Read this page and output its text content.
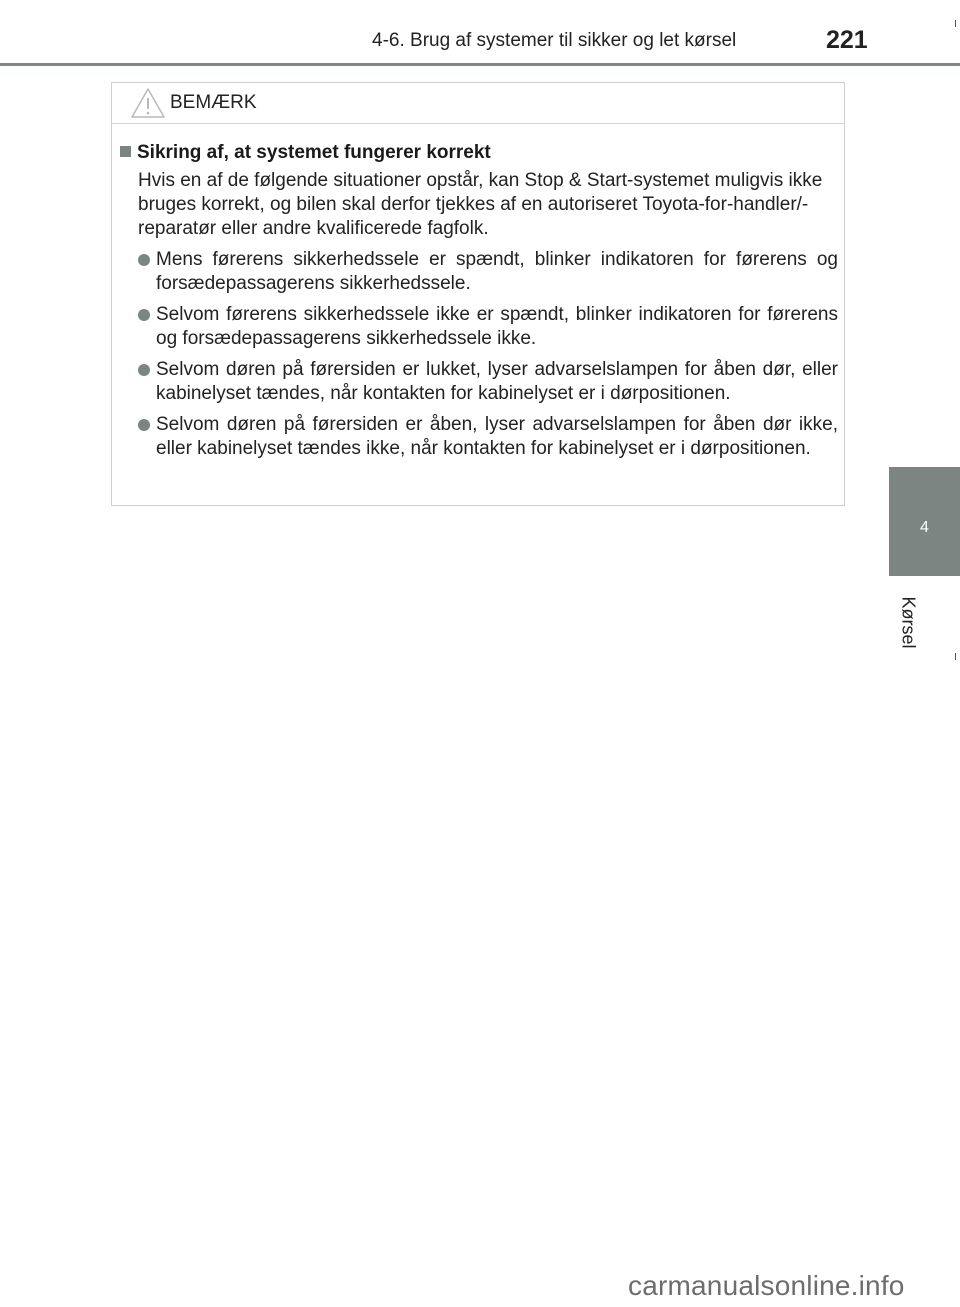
4-6. Brug af systemer til sikker og let kørsel	221
4
Kørsel
BEMÆRK
Sikring af, at systemet fungerer korrekt
Hvis en af de følgende situationer opstår, kan Stop & Start-systemet muligvis ikke bruges korrekt, og bilen skal derfor tjekkes af en autoriseret Toyota-for-handler/-reparatør eller andre kvalificerede fagfolk.
Mens førerens sikkerhedssele er spændt, blinker indikatoren for førerens og forsædepassagerens sikkerhedssele.
Selvom førerens sikkerhedssele ikke er spændt, blinker indikatoren for førerens og forsædepassagerens sikkerhedssele ikke.
Selvom døren på førersiden er lukket, lyser advarselslampen for åben dør, eller kabinelyset tændes, når kontakten for kabinelyset er i dørpositionen.
Selvom døren på førersiden er åben, lyser advarselslampen for åben dør ikke, eller kabinelyset tændes ikke, når kontakten for kabinelyset er i dørpositionen.
carmanualsonline.info
